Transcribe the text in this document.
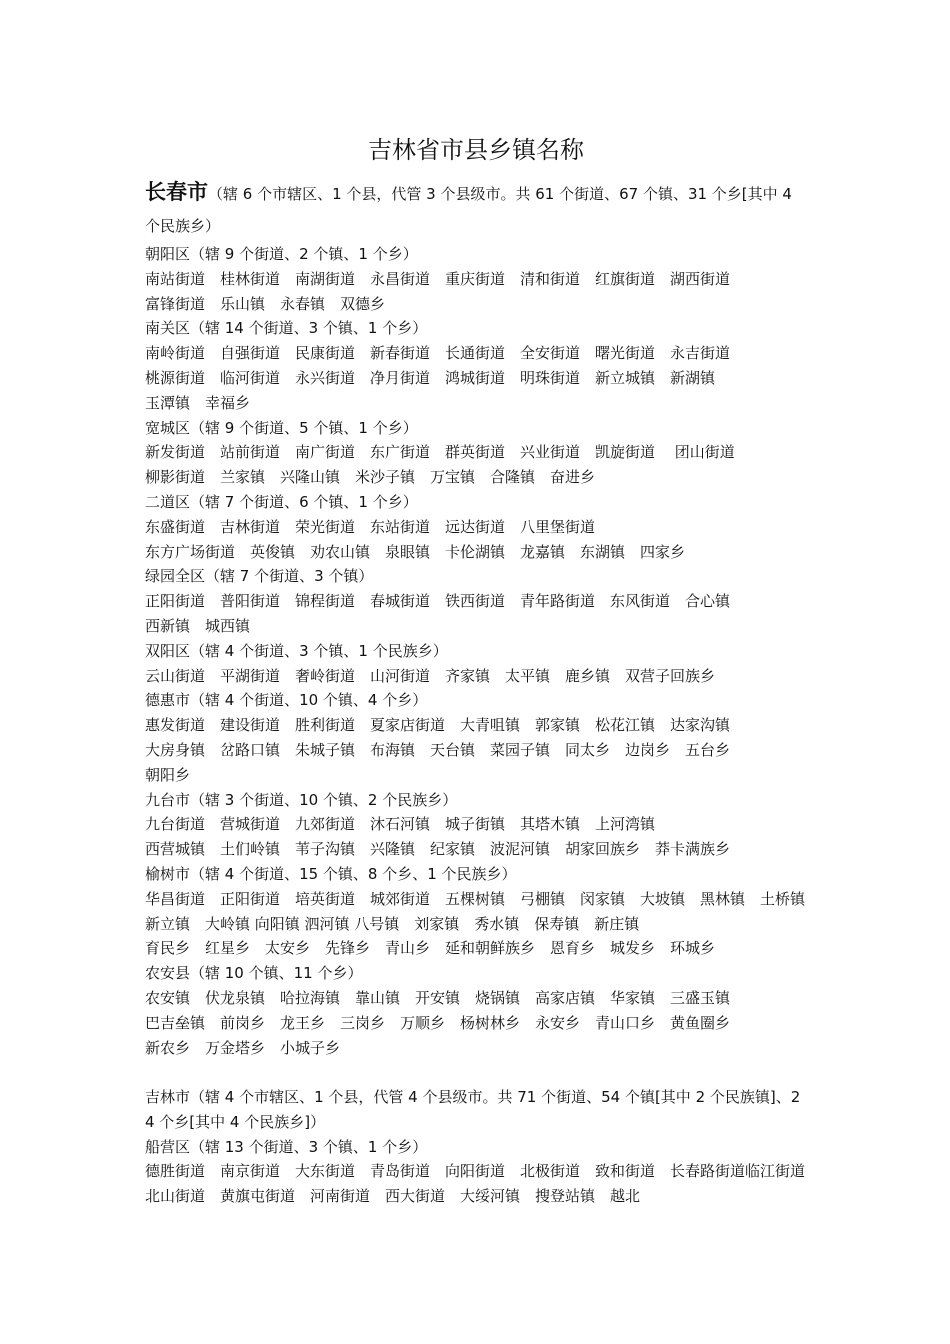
吉林省市县乡镇名称

长春市（辖 6 个市辖区、1 个县，代管 3 个县级市。共 61 个街道、67 个镇、31 个乡[其中 4 个民族乡）

朝阳区（辖 9 个街道、2 个镇、1 个乡）

南站街道　桂林街道　南湖街道　永昌街道　重庆街道　清和街道　红旗街道　湖西街道

富锋街道　乐山镇　永春镇　双德乡

南关区（辖 14 个街道、3 个镇、1 个乡）

南岭街道　自强街道　民康街道　新春街道　长通街道　全安街道　曙光街道　永吉街道

桃源街道　临河街道　永兴街道　净月街道　鸿城街道　明珠街道　新立城镇　新湖镇

玉潭镇　幸福乡

宽城区（辖 9 个街道、5 个镇、1 个乡）

新发街道　站前街道　南广街道　东广街道　群英街道　兴业街道　凯旋街道　 团山街道

柳影街道　兰家镇　兴隆山镇　米沙子镇　万宝镇　合隆镇　奋进乡

二道区（辖 7 个街道、6 个镇、1 个乡）

东盛街道　吉林街道　荣光街道　东站街道　远达街道　八里堡街道

东方广场街道　英俊镇　劝农山镇　泉眼镇　卡伦湖镇　龙嘉镇　东湖镇　四家乡

绿园全区（辖 7 个街道、3 个镇）

正阳街道　普阳街道　锦程街道　春城街道　铁西街道　青年路街道　东风街道　合心镇

西新镇　城西镇

双阳区（辖 4 个街道、3 个镇、1 个民族乡）

云山街道　平湖街道　奢岭街道　山河街道　齐家镇　太平镇　鹿乡镇　双营子回族乡

德惠市（辖 4 个街道、10 个镇、4 个乡）

惠发街道　建设街道　胜利街道　夏家店街道　大青咀镇　郭家镇　松花江镇　达家沟镇

大房身镇　岔路口镇　朱城子镇　布海镇　天台镇　菜园子镇　同太乡　边岗乡　五台乡

朝阳乡

九台市（辖 3 个街道、10 个镇、2 个民族乡）

九台街道　营城街道　九郊街道　沐石河镇　城子街镇　其塔木镇　上河湾镇

西营城镇　土们岭镇　苇子沟镇　兴隆镇　纪家镇　波泥河镇　胡家回族乡　莽卡满族乡

榆树市（辖 4 个街道、15 个镇、8 个乡、1 个民族乡）

华昌街道　正阳街道　培英街道　城郊街道　五棵树镇　弓棚镇　闵家镇　大坡镇　黑林镇　土桥镇　新立镇　大岭镇 向阳镇 泗河镇 八号镇　刘家镇　秀水镇　保寿镇　新庄镇

育民乡　红星乡　太安乡　先锋乡　青山乡　延和朝鲜族乡　恩育乡　城发乡　环城乡

农安县（辖 10 个镇、11 个乡）

农安镇　伏龙泉镇　哈拉海镇　靠山镇　开安镇　烧锅镇　高家店镇　华家镇　三盛玉镇

巴吉垒镇　前岗乡　龙王乡　三岗乡　万顺乡　杨树林乡　永安乡　青山口乡　黄鱼圈乡

新农乡　万金塔乡　小城子乡

吉林市（辖 4 个市辖区、1 个县，代管 4 个县级市。共 71 个街道、54 个镇[其中 2 个民族镇]、24 个乡[其中 4 个民族乡]）

船营区（辖 13 个街道、3 个镇、1 个乡）

德胜街道　南京街道　大东街道　青岛街道　向阳街道　北极街道　致和街道　长春路街道临江街道　北山街道　黄旗屯街道　河南街道　西大街道　大绥河镇　搜登站镇　越北
